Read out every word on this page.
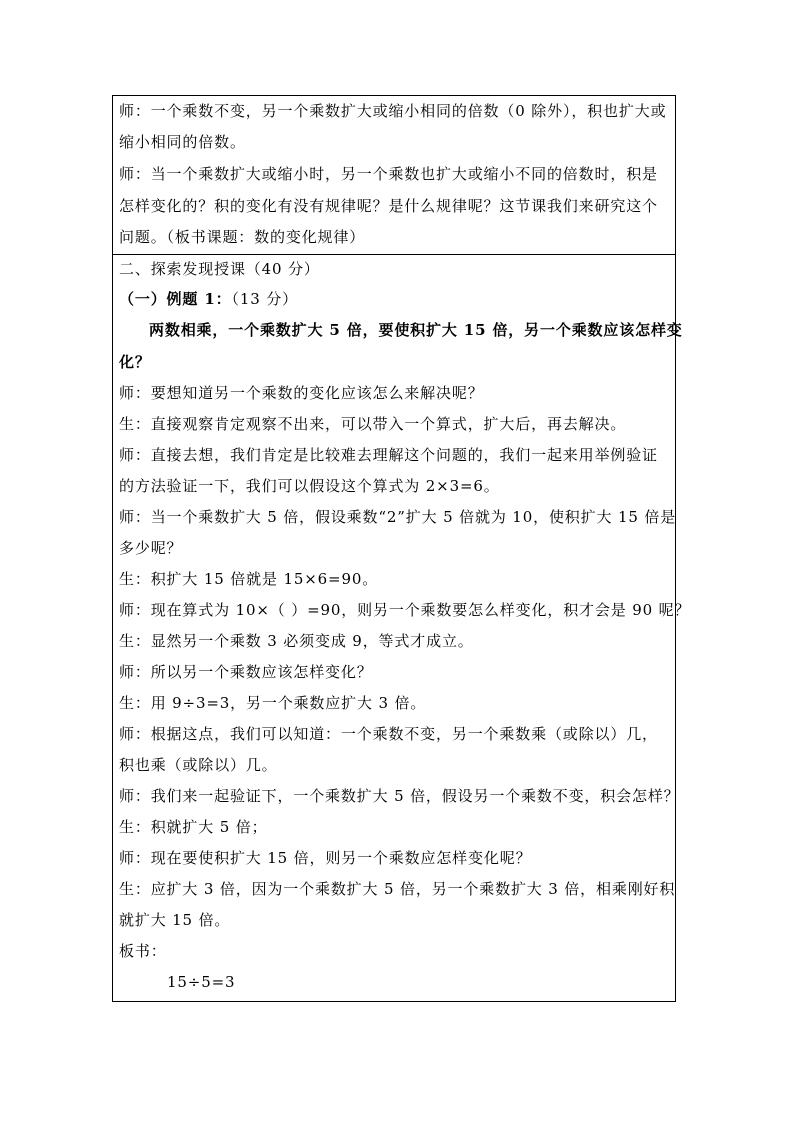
师：一个乘数不变，另一个乘数扩大或缩小相同的倍数（0 除外），积也扩大或
缩小相同的倍数。
师：当一个乘数扩大或缩小时，另一个乘数也扩大或缩小不同的倍数时，积是
怎样变化的？积的变化有没有规律呢？是什么规律呢？这节课我们来研究这个
问题。（板书课题：数的变化规律）
二、探索发现授课（40 分）
（一）例题 1：（13 分）
两数相乘，一个乘数扩大 5 倍，要使积扩大 15 倍，另一个乘数应该怎样变
化？
师：要想知道另一个乘数的变化应该怎么来解决呢？
生：直接观察肯定观察不出来，可以带入一个算式，扩大后，再去解决。
师：直接去想，我们肯定是比较难去理解这个问题的，我们一起来用举例验证
的方法验证一下，我们可以假设这个算式为 2×3=6。
师：当一个乘数扩大 5 倍，假设乘数“2”扩大 5 倍就为 10，使积扩大 15 倍是
多少呢？
生：积扩大 15 倍就是 15×6=90。
师：现在算式为 10×（ ）=90，则另一个乘数要怎么样变化，积才会是 90 呢？
生：显然另一个乘数 3 必须变成 9，等式才成立。
师：所以另一个乘数应该怎样变化？
生：用 9÷3=3，另一个乘数应扩大 3 倍。
师：根据这点，我们可以知道：一个乘数不变，另一个乘数乘（或除以）几，
积也乘（或除以）几。
师：我们来一起验证下，一个乘数扩大 5 倍，假设另一个乘数不变，积会怎样？
生：积就扩大 5 倍；
师：现在要使积扩大 15 倍，则另一个乘数应怎样变化呢？
生：应扩大 3 倍，因为一个乘数扩大 5 倍，另一个乘数扩大 3 倍，相乘刚好积
就扩大 15 倍。
板书：
15÷5=3
